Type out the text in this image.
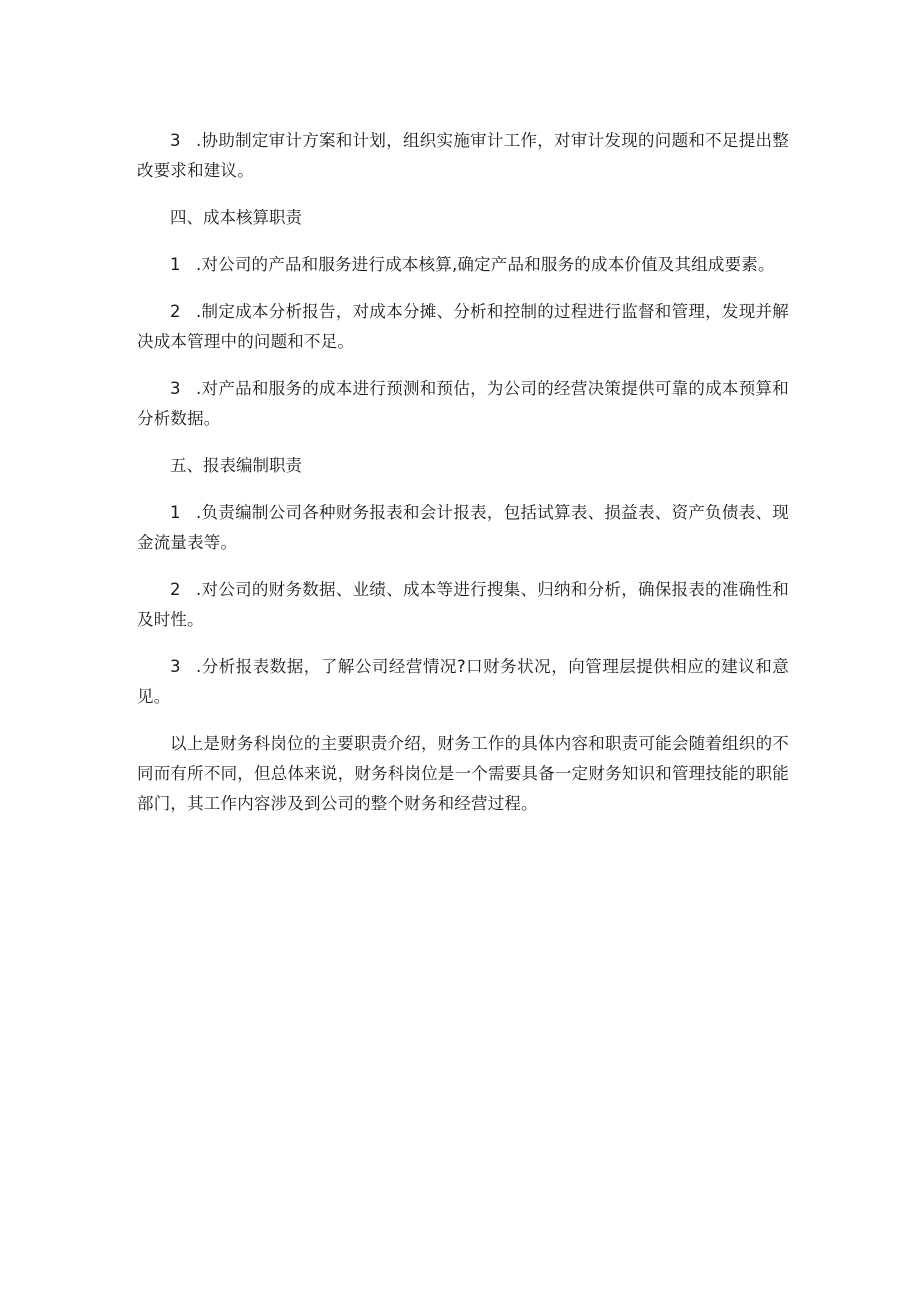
3 .协助制定审计方案和计划，组织实施审计工作，对审计发现的问题和不足提出整改要求和建议。

四、成本核算职责

1 .对公司的产品和服务进行成本核算,确定产品和服务的成本价值及其组成要素。

2 .制定成本分析报告，对成本分摊、分析和控制的过程进行监督和管理，发现并解决成本管理中的问题和不足。

3 .对产品和服务的成本进行预测和预估，为公司的经营决策提供可靠的成本预算和分析数据。

五、报表编制职责

1 .负责编制公司各种财务报表和会计报表，包括试算表、损益表、资产负债表、现金流量表等。

2 .对公司的财务数据、业绩、成本等进行搜集、归纳和分析，确保报表的准确性和及时性。

3 .分析报表数据，了解公司经营情况?口财务状况，向管理层提供相应的建议和意见。

以上是财务科岗位的主要职责介绍，财务工作的具体内容和职责可能会随着组织的不同而有所不同，但总体来说，财务科岗位是一个需要具备一定财务知识和管理技能的职能部门，其工作内容涉及到公司的整个财务和经营过程。
